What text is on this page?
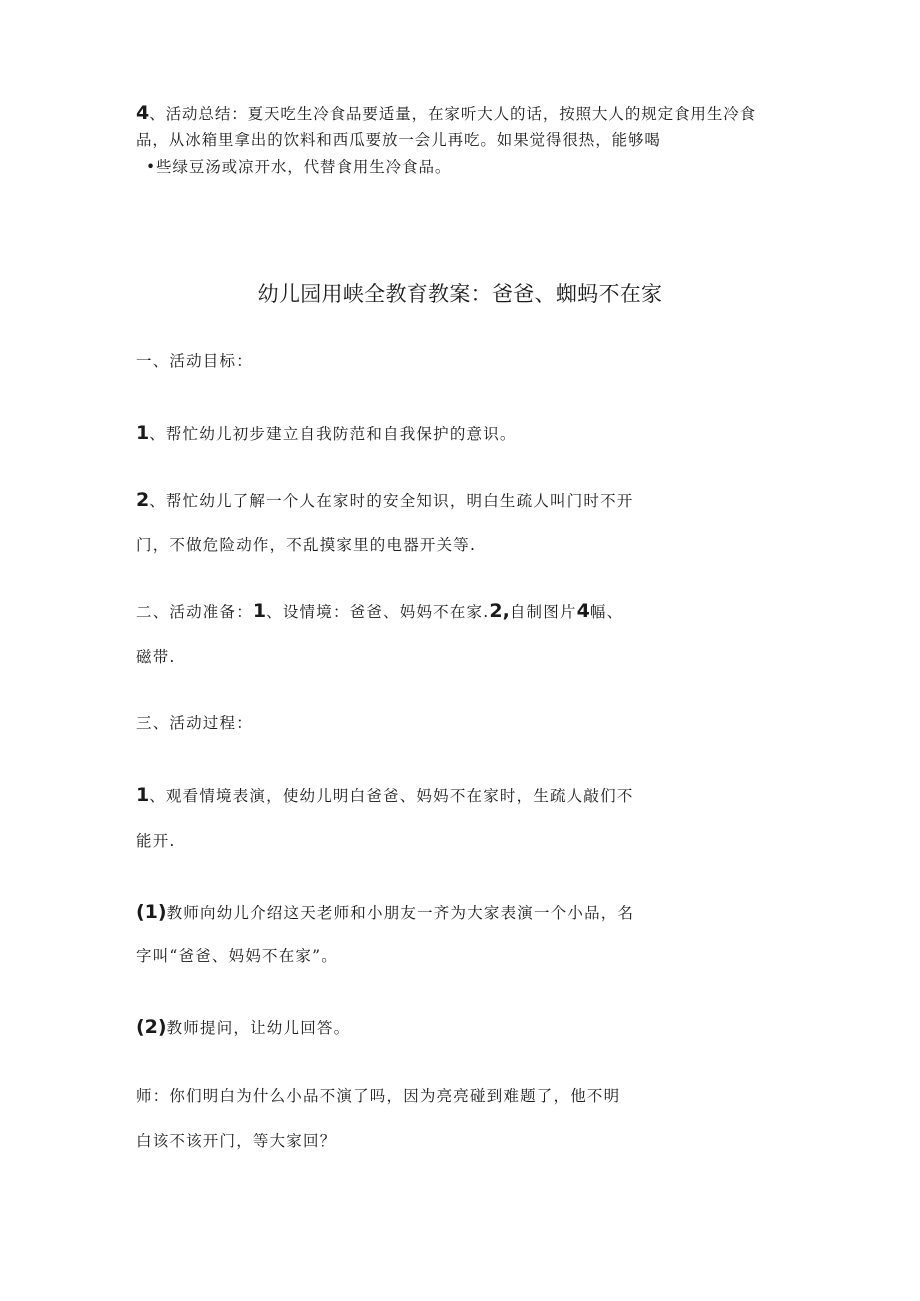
4、活动总结：夏天吃生冷食品要适量，在家听大人的话，按照大人的规定食用生冷食
品，从冰箱里拿出的饮料和西瓜要放一会儿再吃。如果觉得很热，能够喝
•些绿豆汤或凉开水，代替食用生冷食品。
幼儿园用峡全教育教案：爸爸、蜘蚂不在家
一、活动目标：
1、帮忙幼儿初步建立自我防范和自我保护的意识。
2、帮忙幼儿了解一个人在家时的安全知识，明白生疏人叫门时不开
门，不做危险动作，不乱摸家里的电器开关等.
二、活动准备：1、设情境：爸爸、妈妈不在家.2,自制图片4幅、
磁带.
三、活动过程：
1、观看情境表演，使幼儿明白爸爸、妈妈不在家时，生疏人敲们不
能开.
(1)教师向幼儿介绍这天老师和小朋友一齐为大家表演一个小品，名
字叫“爸爸、妈妈不在家”。
(2)教师提问，让幼儿回答。
师：你们明白为什么小品不演了吗，因为亮亮碰到难题了，他不明
白该不该开门，等大家回？
